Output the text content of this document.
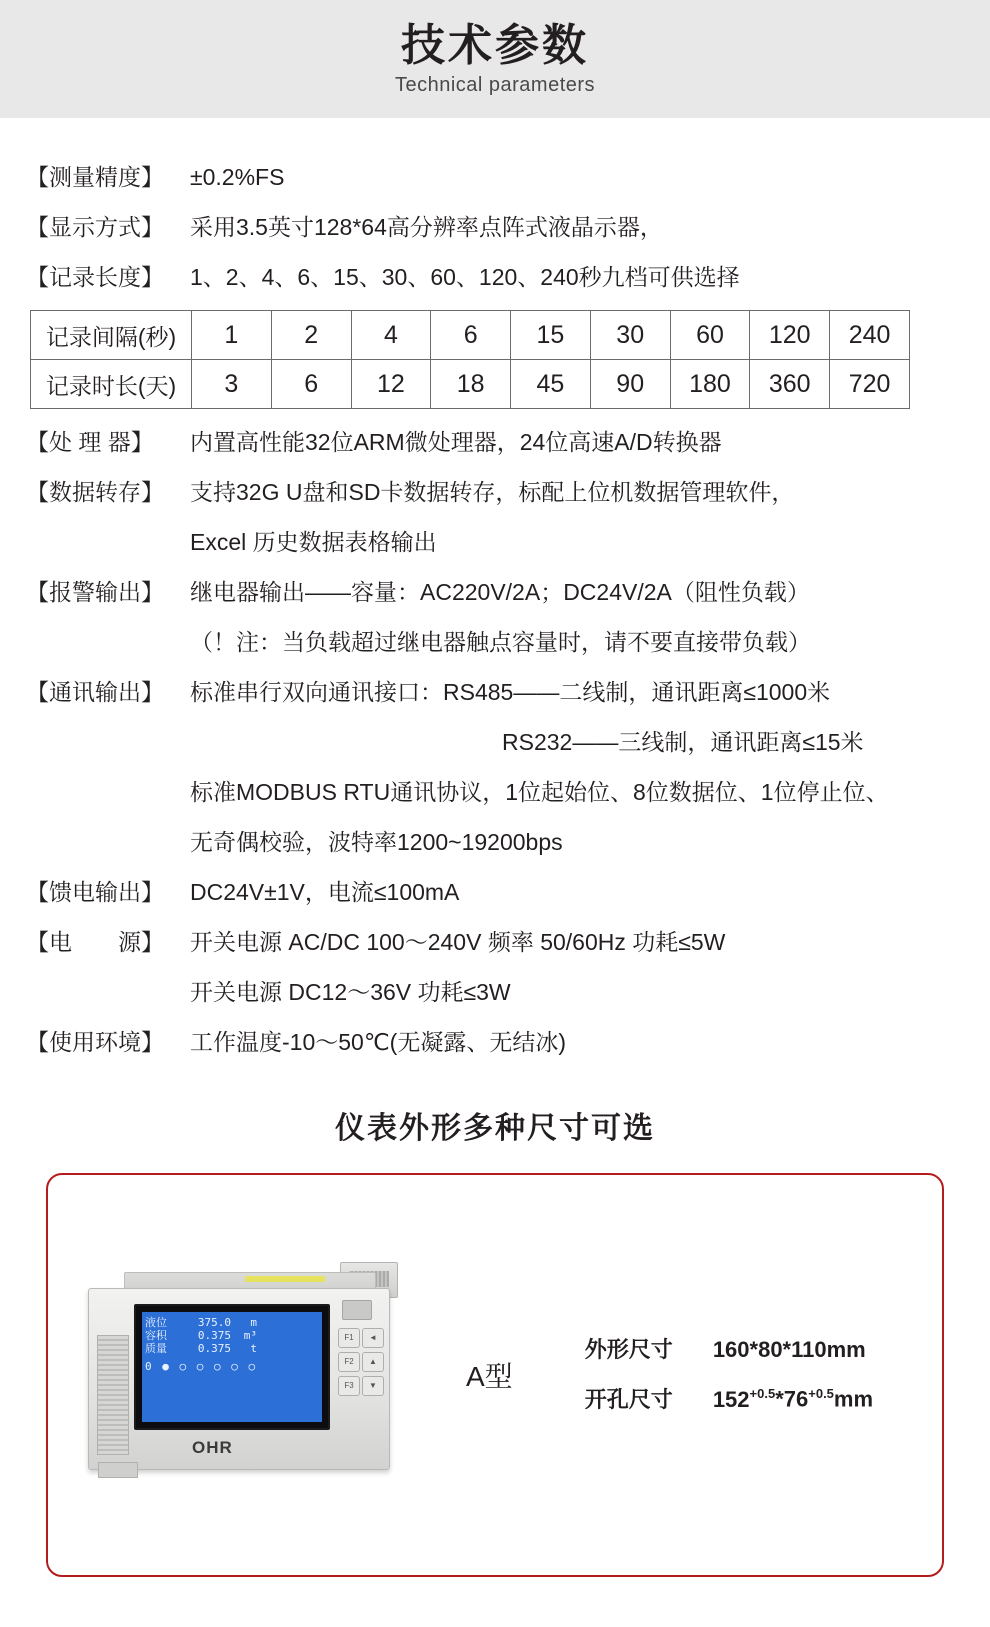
技术参数
Technical parameters
【测量精度】	±0.2%FS
【显示方式】	采用3.5英寸128*64高分辨率点阵式液晶示器，
【记录长度】	1、2、4、6、15、30、60、120、240秒九档可供选择
记录间隔(秒)	1	2	4	6	15	30	60	120	240
记录时长(天)	3	6	12	18	45	90	180	360	720
【处 理 器】	内置高性能32位ARM微处理器，24位高速A/D转换器
【数据转存】	支持32G U盘和SD卡数据转存，标配上位机数据管理软件，
Excel 历史数据表格输出
【报警输出】	继电器输出——容量：AC220V/2A；DC24V/2A（阻性负载）
（！注：当负载超过继电器触点容量时，请不要直接带负载）
【通讯输出】	标准串行双向通讯接口：RS485——二线制，通讯距离≤1000米
RS232——三线制，通讯距离≤15米
标准MODBUS RTU通讯协议，1位起始位、8位数据位、1位停止位、
无奇偶校验，波特率1200~19200bps
【馈电输出】	DC24V±1V，电流≤100mA
【电　　源】	开关电源 AC/DC 100～240V 频率 50/60Hz 功耗≤5W
开关电源 DC12～36V 功耗≤3W
【使用环境】	工作温度-10～50℃(无凝露、无结冰)
仪表外形多种尺寸可选
液位	375.0	m
容积	0.375	m³
质量	0.375	t
0 ● ○ ○ ○ ○ ○
F1	◄
F2	▲
F3	▼
OHR
A型
外形尺寸 160*80*110mm
开孔尺寸 $152^{+0.5}*76^{+0.5}mm$
